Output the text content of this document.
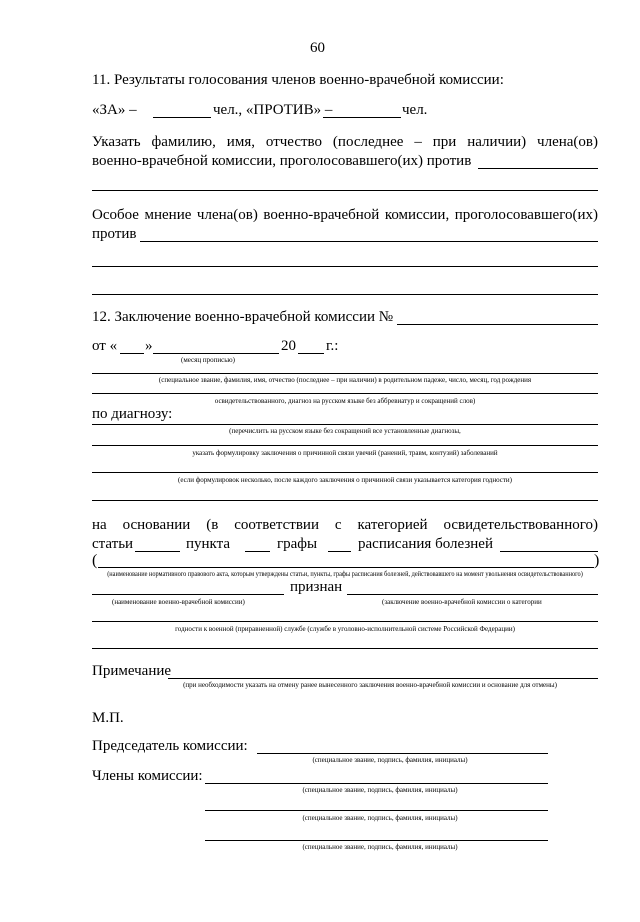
60
11. Результаты голосования членов военно-врачебной комиссии:
«ЗА» –	чел., «ПРОТИВ» –	чел.
Указать фамилию, имя, отчество (последнее – при наличии) члена(ов)
военно-врачебной комиссии, проголосовавшего(их) против
Особое мнение члена(ов) военно-врачебной комиссии, проголосовавшего(их)
против
12. Заключение военно-врачебной комиссии №
от « »	20 г.:
(месяц прописью)
(специальное звание, фамилия, имя, отчество (последнее – при наличии) в родительном падеже, число, месяц, год рождения
освидетельствованного, диагноз на русском языке без аббревиатур и сокращений слов)
по диагнозу:
(перечислить на русском языке без сокращений все установленные диагнозы,
указать формулировку заключения о причинной связи увечий (ранений, травм, контузий) заболеваний
(если формулировок несколько, после каждого заключения о причинной связи указывается категория годности)
на основании (в соответствии с категорией освидетельствованного)
статьи	пункта	графы	расписания болезней
(	)
(наименование нормативного правового акта, которым утверждены статьи, пункты, графы расписания болезней, действовавшего на момент увольнения освидетельствованного)
признан
(наименование военно-врачебной комиссии)	(заключение военно-врачебной комиссии о категории
годности к военной (приравненной) службе (службе в уголовно-исполнительной системе Российской Федерации)
Примечание
(при необходимости указать на отмену ранее вынесенного заключения военно-врачебной комиссии и основание для отмены)
М.П.
Председатель комиссии:
(специальное звание, подпись, фамилия, инициалы)
Члены комиссии:
(специальное звание, подпись, фамилия, инициалы)
(специальное звание, подпись, фамилия, инициалы)
(специальное звание, подпись, фамилия, инициалы)
